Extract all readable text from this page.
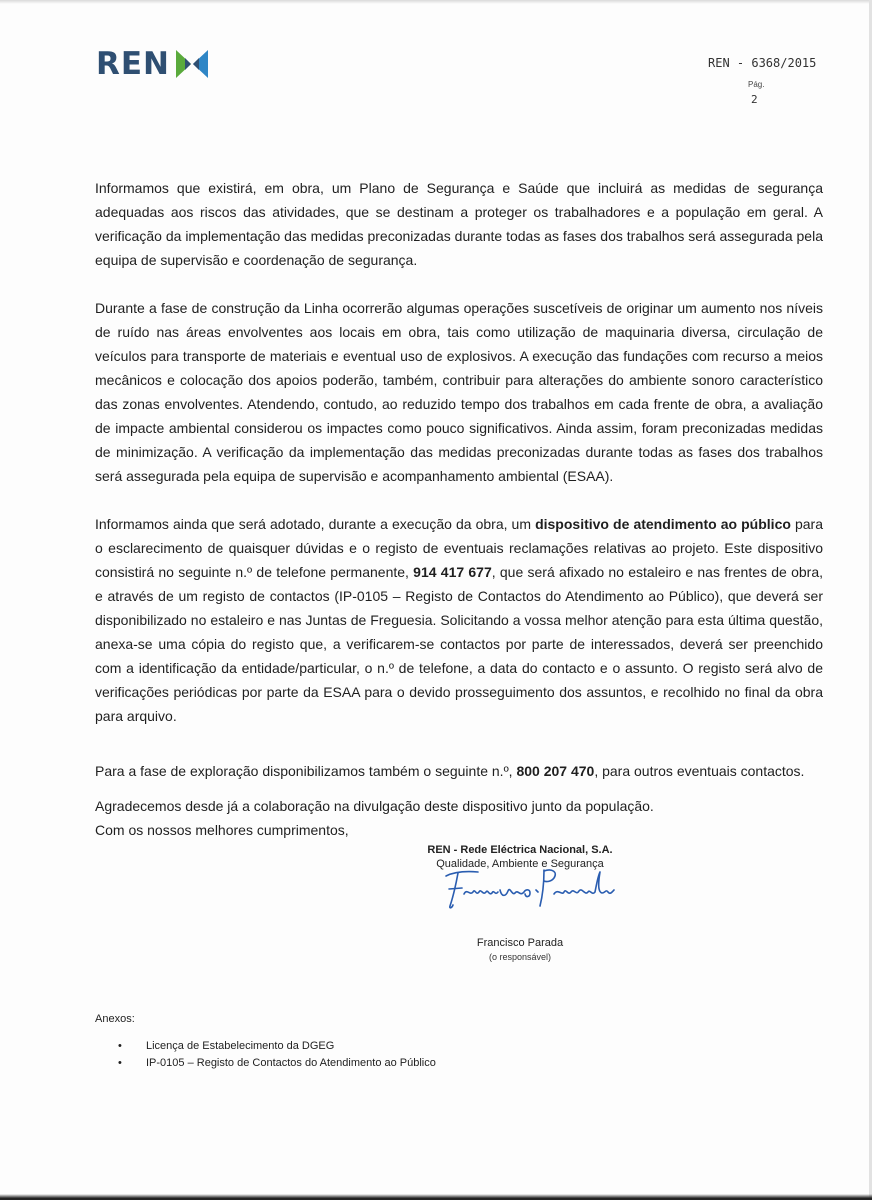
REN	REN - 6368/2015
Pág.
2

Informamos que existirá, em obra, um Plano de Segurança e Saúde que incluirá as medidas de segurança adequadas aos riscos das atividades, que se destinam a proteger os trabalhadores e a população em geral. A verificação da implementação das medidas preconizadas durante todas as fases dos trabalhos será assegurada pela equipa de supervisão e coordenação de segurança.

Durante a fase de construção da Linha ocorrerão algumas operações suscetíveis de originar um aumento nos níveis de ruído nas áreas envolventes aos locais em obra, tais como utilização de maquinaria diversa, circulação de veículos para transporte de materiais e eventual uso de explosivos. A execução das fundações com recurso a meios mecânicos e colocação dos apoios poderão, também, contribuir para alterações do ambiente sonoro característico das zonas envolventes. Atendendo, contudo, ao reduzido tempo dos trabalhos em cada frente de obra, a avaliação de impacte ambiental considerou os impactes como pouco significativos. Ainda assim, foram preconizadas medidas de minimização. A verificação da implementação das medidas preconizadas durante todas as fases dos trabalhos será assegurada pela equipa de supervisão e acompanhamento ambiental (ESAA).

Informamos ainda que será adotado, durante a execução da obra, um dispositivo de atendimento ao público para o esclarecimento de quaisquer dúvidas e o registo de eventuais reclamações relativas ao projeto. Este dispositivo consistirá no seguinte n.º de telefone permanente, 914 417 677, que será afixado no estaleiro e nas frentes de obra, e através de um registo de contactos (IP-0105 – Registo de Contactos do Atendimento ao Público), que deverá ser disponibilizado no estaleiro e nas Juntas de Freguesia. Solicitando a vossa melhor atenção para esta última questão, anexa-se uma cópia do registo que, a verificarem-se contactos por parte de interessados, deverá ser preenchido com a identificação da entidade/particular, o n.º de telefone, a data do contacto e o assunto. O registo será alvo de verificações periódicas por parte da ESAA para o devido prosseguimento dos assuntos, e recolhido no final da obra para arquivo.

Para a fase de exploração disponibilizamos também o seguinte n.º, 800 207 470, para outros eventuais contactos.

Agradecemos desde já a colaboração na divulgação deste dispositivo junto da população.

Com os nossos melhores cumprimentos,

REN - Rede Eléctrica Nacional, S.A.
Qualidade, Ambiente e Segurança
Francisco Parada
(o responsável)
Anexos:
• Licença de Estabelecimento da DGEG
• IP-0105 – Registo de Contactos do Atendimento ao Público
